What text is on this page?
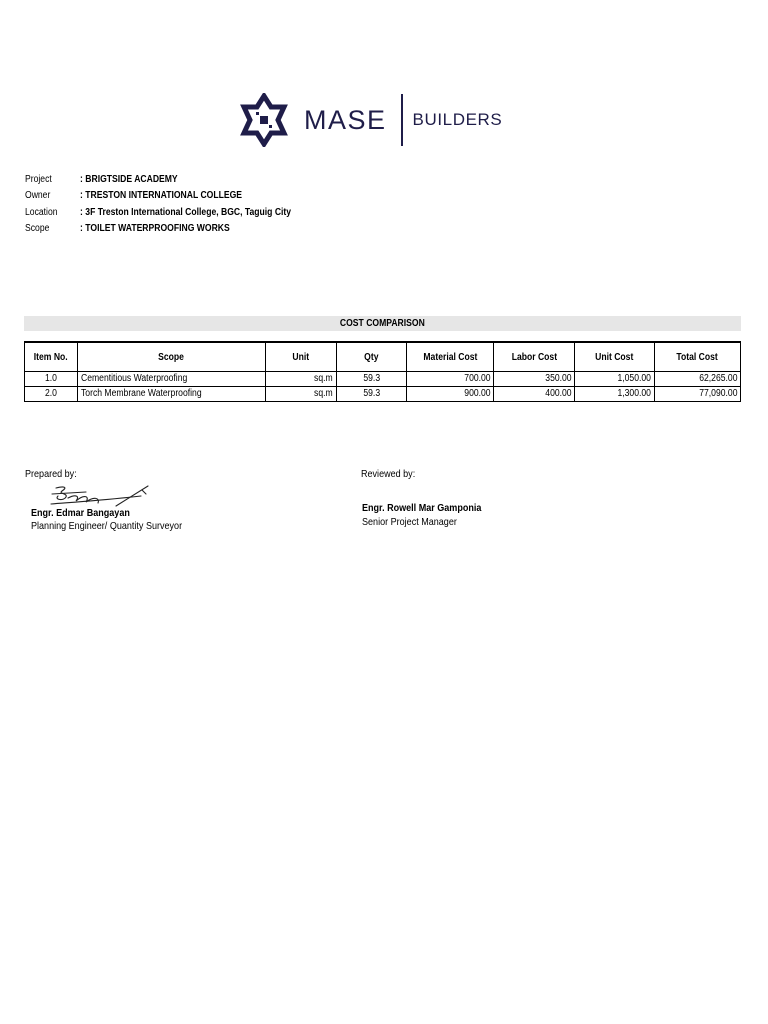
MASE BUILDERS
Project	: BRIGTSIDE ACADEMY
Owner	: TRESTON INTERNATIONAL COLLEGE
Location	: 3F Treston International College, BGC, Taguig City
Scope	: TOILET WATERPROOFING WORKS
COST COMPARISON
Item No.	Scope	Unit	Qty	Material Cost	Labor Cost	Unit Cost	Total Cost
1.0	Cementitious Waterproofing	sq.m	59.3	700.00	350.00	1,050.00	62,265.00
2.0	Torch Membrane Waterproofing	sq.m	59.3	900.00	400.00	1,300.00	77,090.00
Prepared by:
Engr. Edmar Bangayan
Planning Engineer/ Quantity Surveyor
Reviewed by:
Engr. Rowell Mar Gamponia
Senior Project Manager
